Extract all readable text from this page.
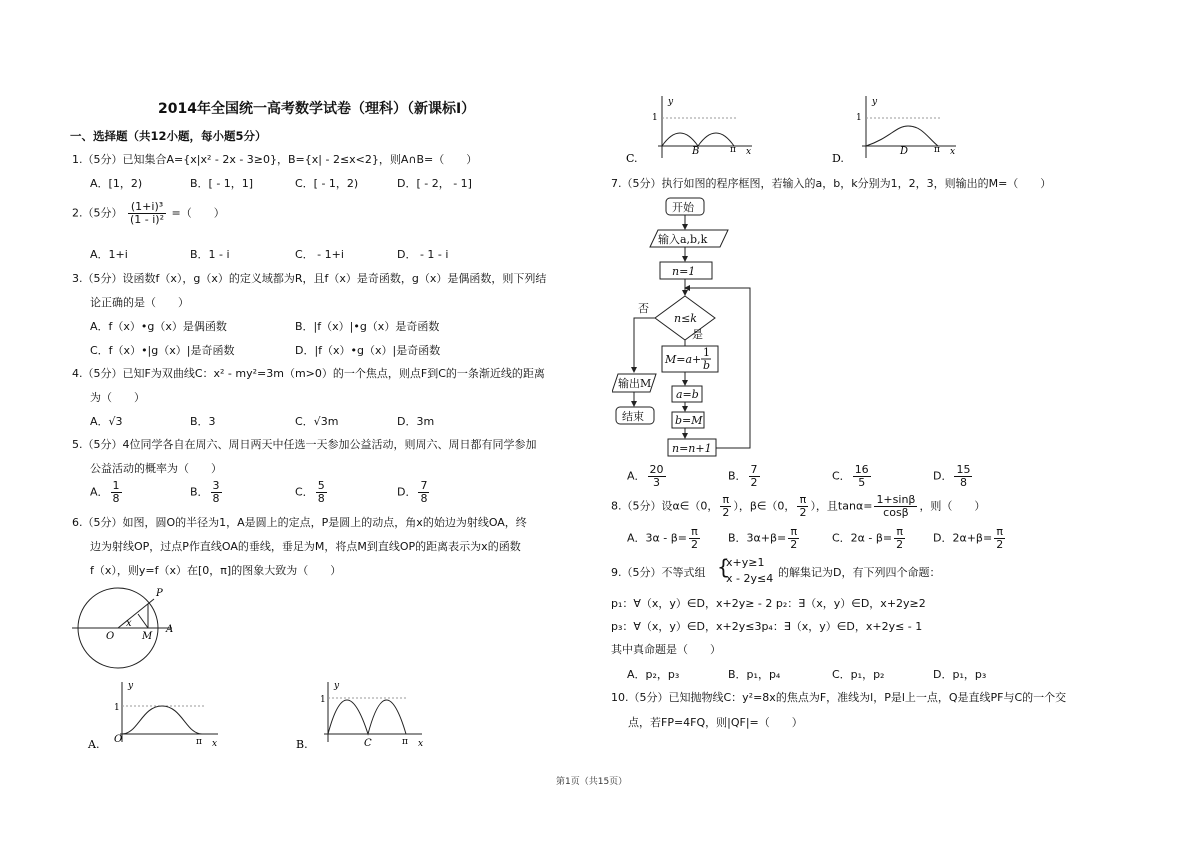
2014年全国统一高考数学试卷（理科）（新课标Ⅰ）
一、选择题（共12小题，每小题5分）
1.（5分）已知集合A={x|x² - 2x - 3≥0}，B={x| - 2≤x<2}，则A∩B=（　　）
A．[1，2)	B．[ - 1，1]	C．[ - 1，2)	D．[ - 2， - 1]
2.（5分） $\frac{\text{(1+i)³}}{\text{(1 - i)²}}$ =（　　）
A．1+i	B．1 - i	C． - 1+i	D． - 1 - i
3.（5分）设函数f（x），g（x）的定义域都为R，且f（x）是奇函数，g（x）是偶函数，则下列结
论正确的是（　　）
A．f（x）•g（x）是偶函数	B．|f（x）|•g（x）是奇函数
C．f（x）•|g（x）|是奇函数	D．|f（x）•g（x）|是奇函数
4.（5分）已知F为双曲线C：x² - my²=3m（m>0）的一个焦点，则点F到C的一条渐近线的距离
为（　　）
A．√3	B．3	C．√3m	D．3m
5.（5分）4位同学各自在周六、周日两天中任选一天参加公益活动，则周六、周日都有同学参加
公益活动的概率为（　　）
A． $\frac{1}{8}$	B． $\frac{3}{8}$	C． $\frac{5}{8}$	D． $\frac{7}{8}$
6.（5分）如图，圆O的半径为1，A是圆上的定点，P是圆上的动点，角x的始边为射线OA，终
边为射线OP，过点P作直线OA的垂线，垂足为M，将点M到直线OP的距离表示为x的函数
f（x），则y=f（x）在[0，π]的图象大致为（　　）
P
O	M
A
x
A.
y
1
O	π x	B.
y
1
C	π x
C.
y
1
B	π x	D.
y
1
D	π x
7.（5分）执行如图的程序框图，若输入的a，b，k分别为1，2，3，则输出的M=（　　）
开始
输入a,b,k
n=1
n≤k
否
是
输出M
结束
M=a+
1
b
a=b
b=M
n=n+1
A． $\frac{20}{3}$	B． $\frac{7}{2}$	C． $\frac{16}{5}$	D． $\frac{15}{8}$
8.（5分）设α∈（0， $\frac{\pi}{2}$ ），β∈（0， $\frac{\pi}{2}$ ），且$\tan\alpha= \frac{1+\sin\beta}{\cos\beta}$ ，则（　　）
A．$3\alpha - \beta= \frac{\pi}{2}$	B．$3\alpha+\beta= \frac{\pi}{2}$	C．$2\alpha - \beta= \frac{\pi}{2}$	D．$2\alpha+\beta= \frac{\pi}{2}$
9.（5分）不等式组 {
x+y≥1
x - 2y≤4 的解集记为D，有下列四个命题：
p₁：∀（x，y）∈D，x+2y≥ - 2 p₂：∃（x，y）∈D，x+2y≥2
p₃：∀（x，y）∈D，x+2y≤3p₄：∃（x，y）∈D，x+2y≤ - 1
其中真命题是（　　）
A．p₂，p₃	B．p₁，p₄	C．p₁，p₂	D．p₁，p₃
10.（5分）已知抛物线C：y²=8x的焦点为F，准线为l，P是l上一点，Q是直线PF与C的一个交
点，若FP=4FQ，则|QF|=（　　）
第1页（共15页）
